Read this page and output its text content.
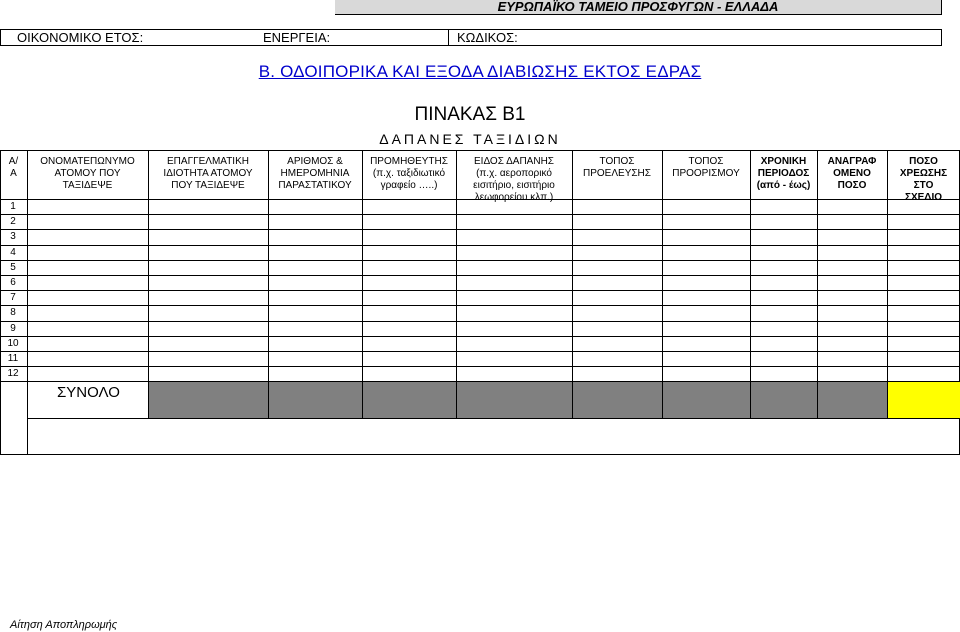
ΕΥΡΩΠΑΪΚΟ ΤΑΜΕΙΟ ΠΡΟΣΦΥΓΩΝ - ΕΛΛΑΔΑ
ΟΙΚΟΝΟΜΙΚΟ ΕΤΟΣ:	ΕΝΕΡΓΕΙΑ:	ΚΩΔΙΚΟΣ:
Β. ΟΔΟΙΠΟΡΙΚΑ ΚΑΙ ΕΞΟΔΑ ΔΙΑΒΙΩΣΗΣ ΕΚΤΟΣ ΕΔΡΑΣ
ΠΙΝΑΚΑΣ Β1
ΔΑΠΑΝΕΣ ΤΑΞΙΔΙΩΝ
Α/
Α
ΟΝΟΜΑΤΕΠΩΝΥΜΟ
ΑΤΟΜΟΥ ΠΟΥ
ΤΑΞΙΔΕΨΕ
ΕΠΑΓΓΕΛΜΑΤΙΚΗ
ΙΔΙΟΤΗΤΑ ΑΤΟΜΟΥ
ΠΟΥ ΤΑΞΙΔΕΨΕ
ΑΡΙΘΜΟΣ &
ΗΜΕΡΟΜΗΝΙΑ
ΠΑΡΑΣΤΑΤΙΚΟΥ
ΠΡΟΜΗΘΕΥΤΗΣ
(π.χ. ταξιδιωτικό
γραφείο …..)
ΕΙΔΟΣ ΔΑΠΑΝΗΣ
(π.χ. αεροπορικό
εισιτήριο, εισιτήριο
λεωφορείου κλπ.)
ΤΟΠΟΣ
ΠΡΟΕΛΕΥΣΗΣ
ΤΟΠΟΣ
ΠΡΟΟΡΙΣΜΟΥ
ΧΡΟΝΙΚΗ
ΠΕΡΙΟΔΟΣ
(από - έως)
ΑΝΑΓΡΑΦ
ΟΜΕΝΟ
ΠΟΣΟ
ΠΟΣΟ
ΧΡΕΩΣΗΣ
ΣΤΟ
ΣΧΕΔΙΟ
1
2
3
4
5
6
7
8
9
10
11
12
ΣΥΝΟΛΟ
Αίτηση Αποπληρωμής
